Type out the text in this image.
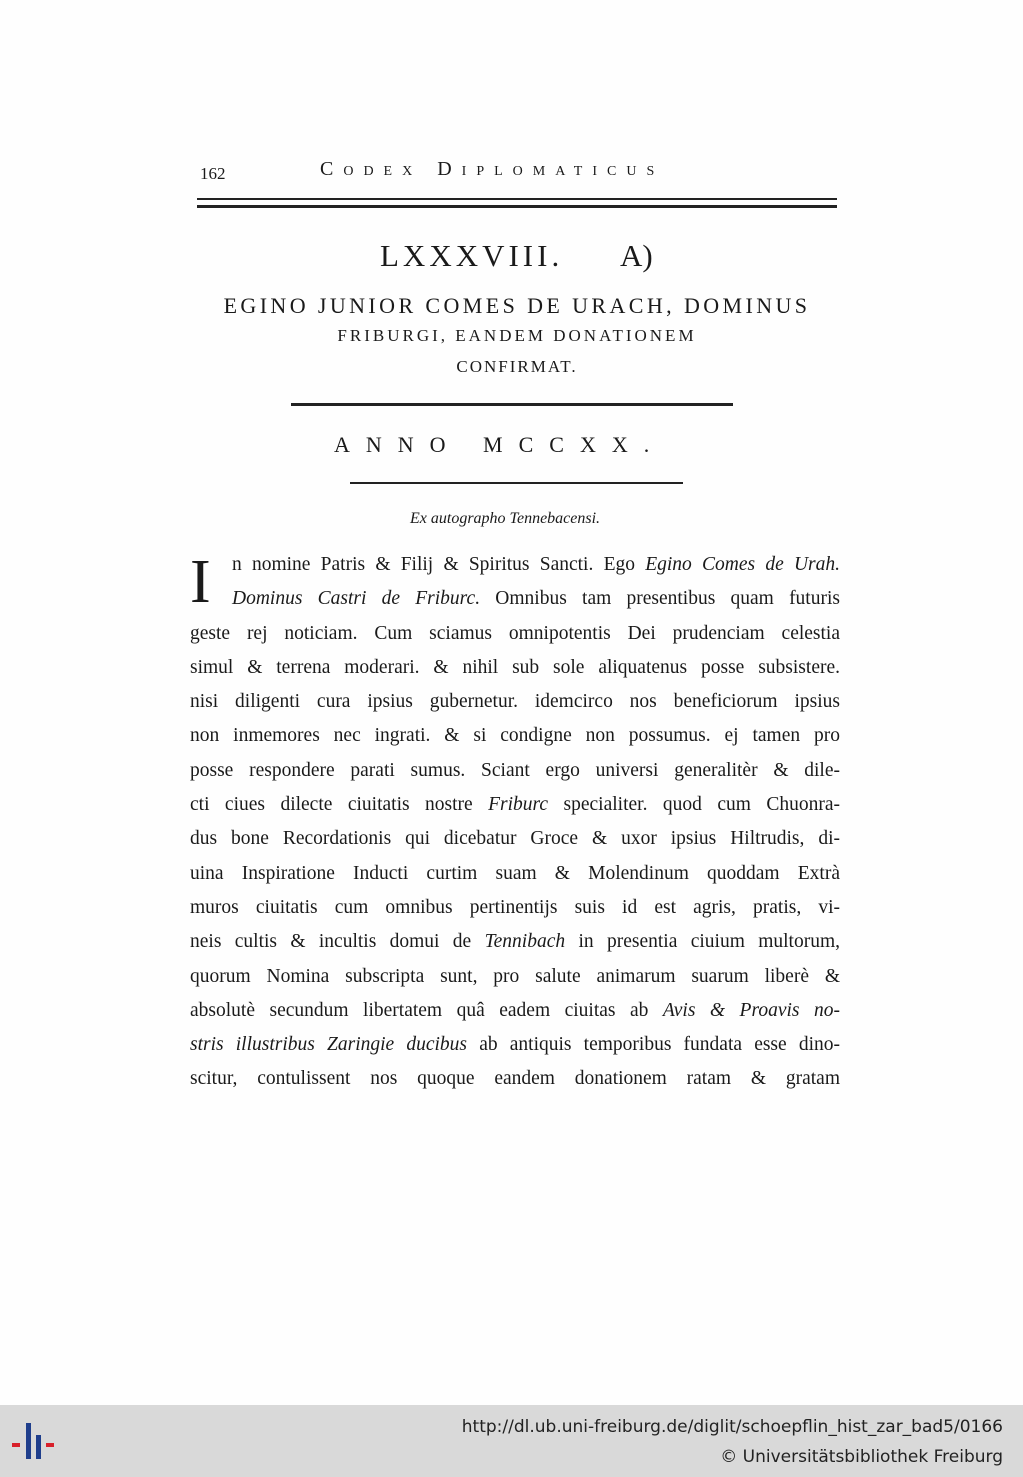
162	Codex Diplomaticus
LXXXVIII. A)
EGINO JUNIOR COMES DE URACH, DOMINUS
FRIBURGI, EANDEM DONATIONEM
CONFIRMAT.
ANNO MCCXX.
Ex autographo Tennebacensi.
I	n nomine Patris & Filij & Spiritus Sancti. Ego Egino Comes de Urah.
Dominus Castri de Friburc. Omnibus tam presentibus quam futuris
geste rej noticiam. Cum sciamus omnipotentis Dei prudenciam celestia
simul & terrena moderari. & nihil sub sole aliquatenus posse subsistere.
nisi diligenti cura ipsius gubernetur. idemcirco nos beneficiorum ipsius
non inmemores nec ingrati. & si condigne non possumus. ej tamen pro
posse respondere parati sumus. Sciant ergo universi generalitèr & dile-
cti ciues dilecte ciuitatis nostre Friburc specialiter. quod cum Chuonra-
dus bone Recordationis qui dicebatur Groce & uxor ipsius Hiltrudis, di-
uina Inspiratione Inducti curtim suam & Molendinum quoddam Extrà
muros ciuitatis cum omnibus pertinentijs suis id est agris, pratis, vi-
neis cultis & incultis domui de Tennibach in presentia ciuium multorum,
quorum Nomina subscripta sunt, pro salute animarum suarum liberè &
absolutè secundum libertatem quâ eadem ciuitas ab Avis & Proavis no-
stris illustribus Zaringie ducibus ab antiquis temporibus fundata esse dino-
scitur, contulissent nos quoque eandem donationem ratam & gratam
http://dl.ub.uni-freiburg.de/diglit/schoepflin_hist_zar_bad5/0166
© Universitätsbibliothek Freiburg
